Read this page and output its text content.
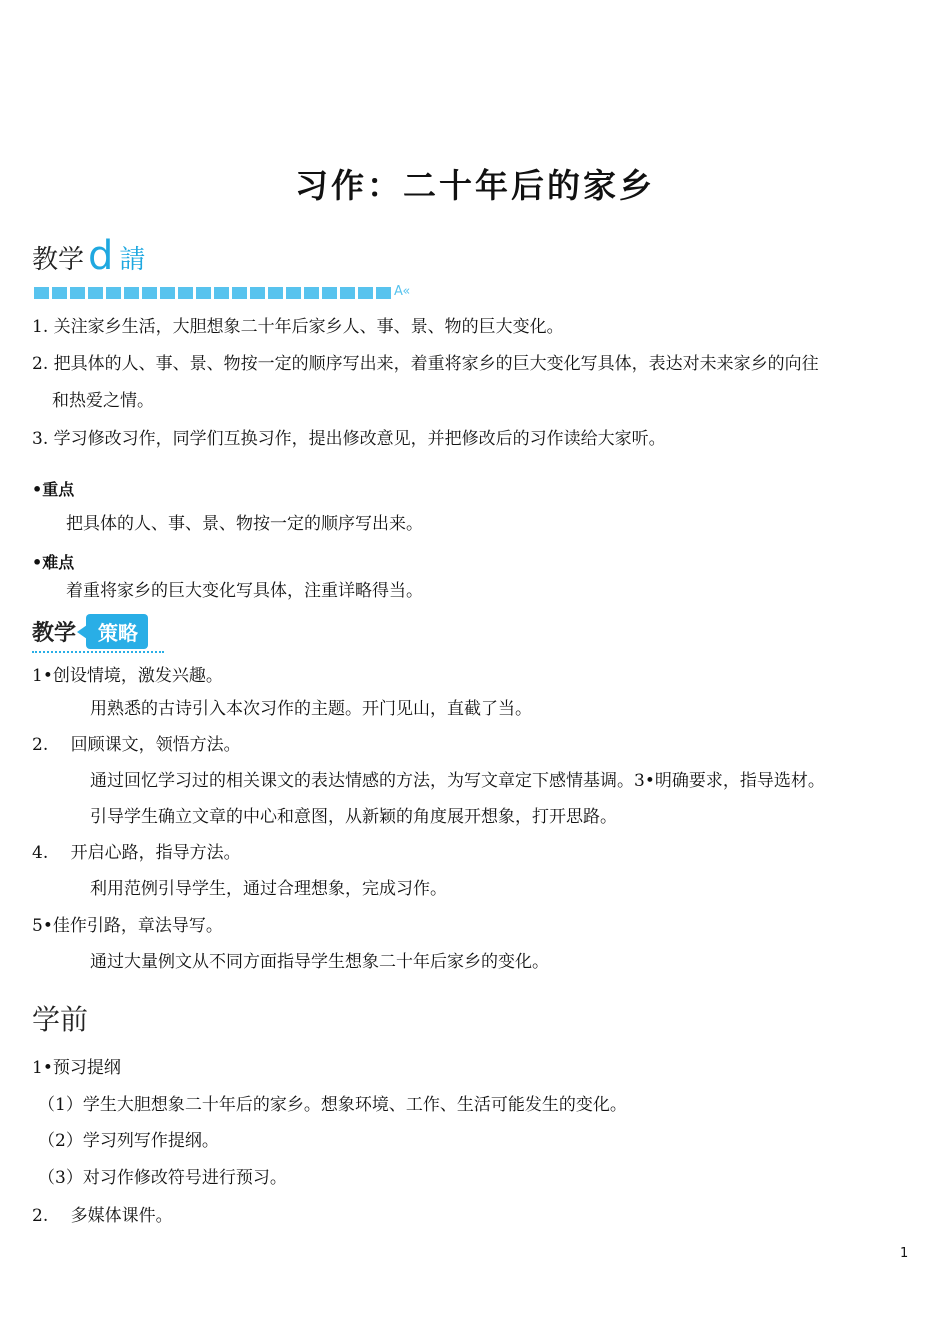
习作：二十年后的家乡
教学 d 請
A«
1. 关注家乡生活，大胆想象二十年后家乡人、事、景、物的巨大变化。
2. 把具体的人、事、景、物按一定的顺序写出来，着重将家乡的巨大变化写具体，表达对未来家乡的向往
和热爱之情。
3. 学习修改习作，同学们互换习作，提出修改意见，并把修改后的习作读给大家听。
•重点
把具体的人、事、景、物按一定的顺序写出来。
•难点
着重将家乡的巨大变化写具体，注重详略得当。
教学 策略
1•创设情境，激发兴趣。
用熟悉的古诗引入本次习作的主题。开门见山，直截了当。
2.　 回顾课文，领悟方法。
通过回忆学习过的相关课文的表达情感的方法，为写文章定下感情基调。3•明确要求，指导选材。
引导学生确立文章的中心和意图，从新颖的角度展开想象，打开思路。
4.　 开启心路，指导方法。
利用范例引导学生，通过合理想象，完成习作。
5•佳作引路，章法导写。
通过大量例文从不同方面指导学生想象二十年后家乡的变化。
学前
1•预习提纲
（1）学生大胆想象二十年后的家乡。想象环境、工作、生活可能发生的变化。
（2）学习列写作提纲。
（3）对习作修改符号进行预习。
2.　 多媒体课件。
1
